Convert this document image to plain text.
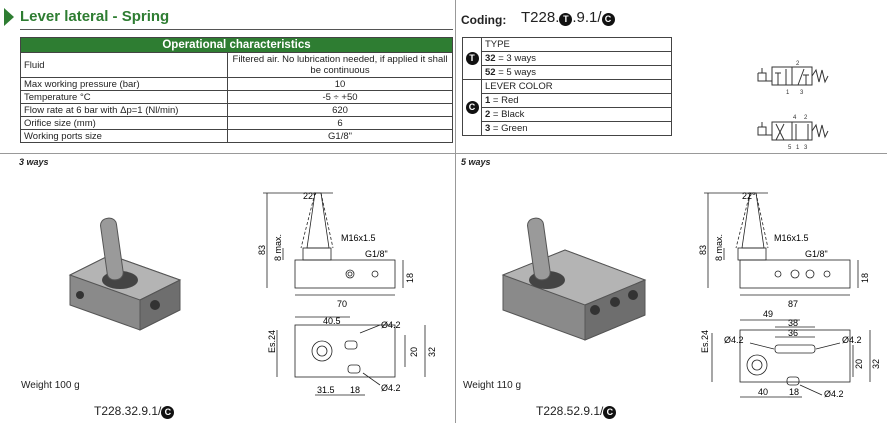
Lever lateral - Spring	Coding: T228. T .9.1/ C
Operational characteristics	
Fluid	Filtered air. No lubrication needed, if applied it shall be continuous
Max working pressure (bar)	10
Temperature °C	-5 ÷ +50
Flow rate at 6 bar with Δp=1 (Nl/min)	620
Orifice size (mm)	6
Working ports size	G1/8"
T	TYPE
	32 = 3 ways
	52 = 5 ways
C	LEVER COLOR
	1 = Red
	2 = Black
	3 = Green
2
1 3
4 2
5 1 3
3 ways
Weight 100 g
T228.32.9.1/ C
22°
83 8 max.	M16x1.5
G1/8"
18
70
40.5
Es.24
Ø4.2
20 32
31.5 18 Ø4.2
5 ways
Weight 110 g
T228.52.9.1/ C
22°
83 8 max.	M16x1.5
G1/8"
18
87
49
38
36
Es.24 Ø4.2	Ø4.2
20 32
40 18	Ø4.2
